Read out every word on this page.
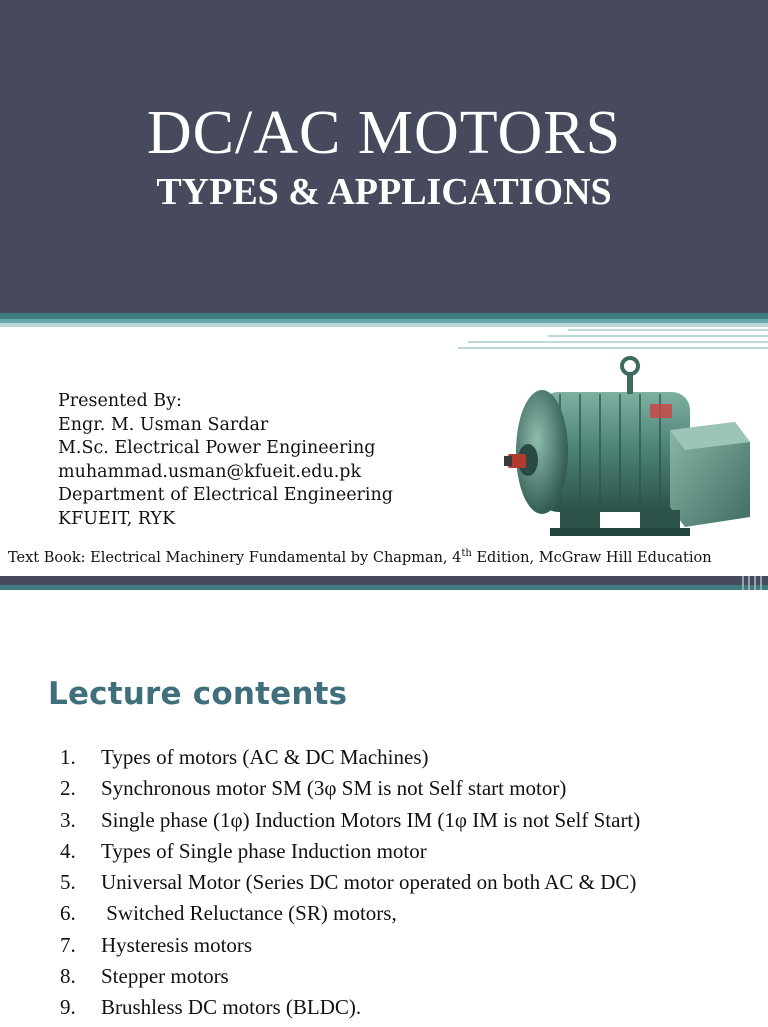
DC/AC MOTORS
TYPES & APPLICATIONS
Presented By:
Engr. M. Usman Sardar
M.Sc. Electrical Power Engineering
muhammad.usman@kfueit.edu.pk
Department of Electrical Engineering
KFUEIT, RYK
Text Book: Electrical Machinery Fundamental by Chapman, 4th Edition, McGraw Hill Education
Lecture contents
1. Types of motors (AC & DC Machines)
2. Synchronous motor SM (3φ SM is not Self start motor)
3. Single phase (1φ) Induction Motors IM (1φ IM is not Self Start)
4. Types of Single phase Induction motor
5. Universal Motor (Series DC motor operated on both AC & DC)
6. Switched Reluctance (SR) motors,
7. Hysteresis motors
8. Stepper motors
9. Brushless DC motors (BLDC).
